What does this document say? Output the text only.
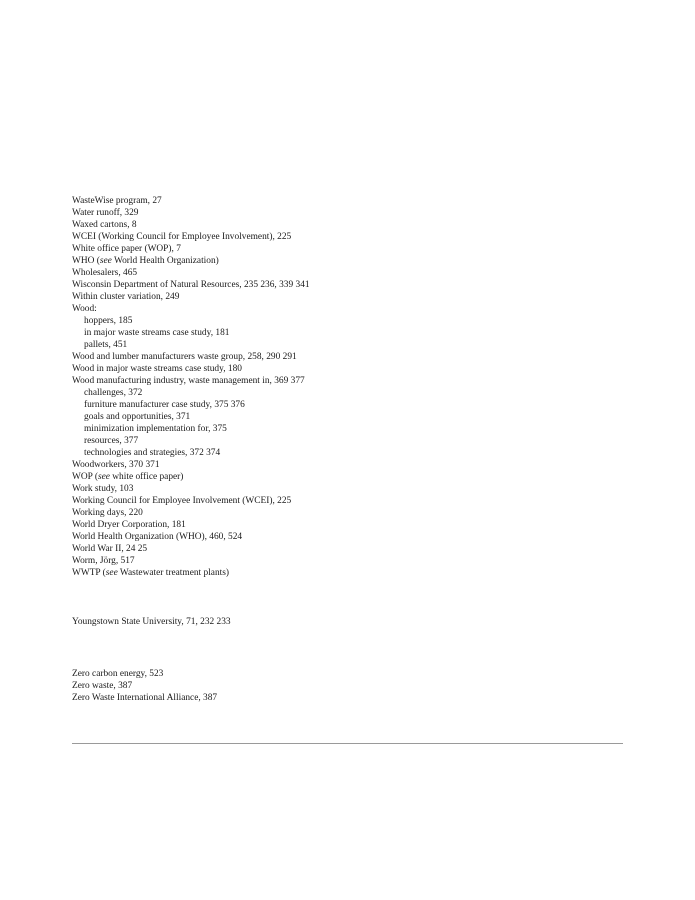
WasteWise program, 27
Water runoff, 329
Waxed cartons, 8
WCEI (Working Council for Employee Involvement), 225
White office paper (WOP), 7
WHO (see World Health Organization)
Wholesalers, 465
Wisconsin Department of Natural Resources, 235 236, 339 341
Within cluster variation, 249
Wood:
hoppers, 185
in major waste streams case study, 181
pallets, 451
Wood and lumber manufacturers waste group, 258, 290 291
Wood in major waste streams case study, 180
Wood manufacturing industry, waste management in, 369 377
challenges, 372
furniture manufacturer case study, 375 376
goals and opportunities, 371
minimization implementation for, 375
resources, 377
technologies and strategies, 372 374
Woodworkers, 370 371
WOP (see white office paper)
Work study, 103
Working Council for Employee Involvement (WCEI), 225
Working days, 220
World Dryer Corporation, 181
World Health Organization (WHO), 460, 524
World War II, 24 25
Worm, Jörg, 517
WWTP (see Wastewater treatment plants)
Youngstown State University, 71, 232 233
Zero carbon energy, 523
Zero waste, 387
Zero Waste International Alliance, 387
